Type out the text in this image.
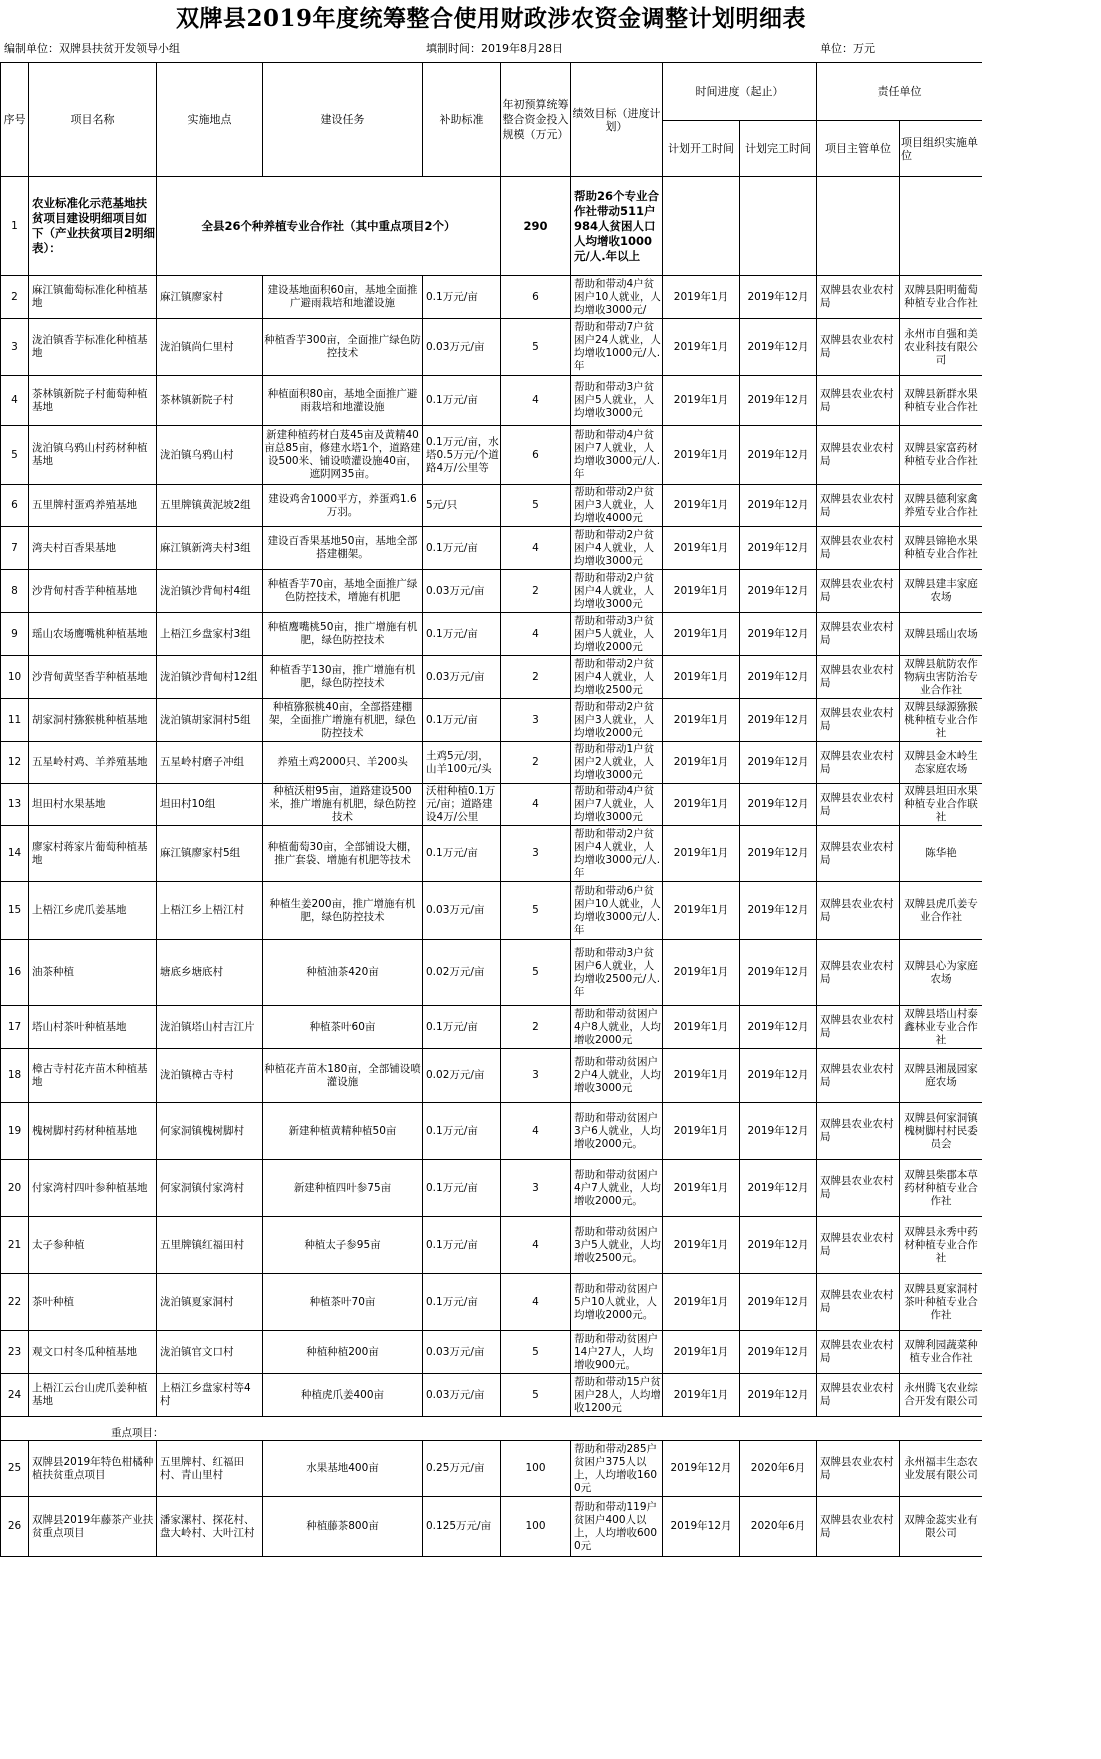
双牌县2019年度统筹整合使用财政涉农资金调整计划明细表
编制单位：双牌县扶贫开发领导小组	填制时间：2019年8月28日	单位：万元
序号	项目名称	实施地点	建设任务	补助标准	年初预算统筹整合资金投入规模（万元）	绩效目标（进度计划）	时间进度（起止）		责任单位	
							计划开工时间	计划完工时间	项目主管单位	项目组织实施单位
1	农业标准化示范基地扶贫项目建设明细项目如下（产业扶贫项目2明细表）：	全县26个种养植专业合作社（其中重点项目2个）			290	帮助26个专业合作社带动511户984人贫困人口人均增收1000元/人.年以上				
2	麻江镇葡萄标准化种植基地	麻江镇廖家村	建设基地面积60亩，基地全面推广避雨栽培和地灌设施	0.1万元/亩	6	帮助和带动4户贫困户10人就业，人均增收3000元/	2019年1月	2019年12月	双牌县农业农村局	双牌县阳明葡萄种植专业合作社
3	泷泊镇香芋标准化种植基地	泷泊镇尚仁里村	种植香芋300亩，全面推广绿色防控技术	0.03万元/亩	5	帮助和带动7户贫困户24人就业，人均增收1000元/人.年	2019年1月	2019年12月	双牌县农业农村局	永州市自强和美农业科技有限公司
4	茶林镇新院子村葡萄种植基地	茶林镇新院子村	种植面积80亩，基地全面推广避雨栽培和地灌设施	0.1万元/亩	4	帮助和带动3户贫困户5人就业，人均增收3000元	2019年1月	2019年12月	双牌县农业农村局	双牌县新群水果种植专业合作社
5	泷泊镇乌鸦山村药材种植基地	泷泊镇乌鸦山村	新建种植药材白芨45亩及黄精40亩总85亩，修建水塔1个，道路建设500米、铺设喷灌设施40亩，遮阴网35亩。	0.1万元/亩，水塔0.5万元/个道路4万/公里等	6	帮助和带动4户贫困户7人就业，人均增收3000元/人.年	2019年1月	2019年12月	双牌县农业农村局	双牌县家富药材种植专业合作社
6	五里牌村蛋鸡养殖基地	五里牌镇黄泥坡2组	建设鸡舍1000平方，养蛋鸡1.6万羽。	5元/只	5	帮助和带动2户贫困户3人就业，人均增收4000元	2019年1月	2019年12月	双牌县农业农村局	双牌县德利家禽养殖专业合作社
7	湾夫村百香果基地	麻江镇新湾夫村3组	建设百香果基地50亩，基地全部搭建棚架。	0.1万元/亩	4	帮助和带动2户贫困户4人就业，人均增收3000元	2019年1月	2019年12月	双牌县农业农村局	双牌县锦艳水果种植专业合作社
8	沙背甸村香芋种植基地	泷泊镇沙背甸村4组	种植香芋70亩，基地全面推广绿色防控技术，增施有机肥	0.03万元/亩	2	帮助和带动2户贫困户4人就业，人均增收3000元	2019年1月	2019年12月	双牌县农业农村局	双牌县建丰家庭农场
9	瑶山农场鹰嘴桃种植基地	上梧江乡盘家村3组	种植鹰嘴桃50亩，推广增施有机肥，绿色防控技术	0.1万元/亩	4	帮助和带动3户贫困户5人就业，人均增收2000元	2019年1月	2019年12月	双牌县农业农村局	双牌县瑶山农场
10	沙背甸黄坚香芋种植基地	泷泊镇沙背甸村12组	种植香芋130亩，推广增施有机肥，绿色防控技术	0.03万元/亩	2	帮助和带动2户贫困户4人就业，人均增收2500元	2019年1月	2019年12月	双牌县农业农村局	双牌县航防农作物病虫害防治专业合作社
11	胡家洞村猕猴桃种植基地	泷泊镇胡家洞村5组	种植猕猴桃40亩，全部搭建棚架，全面推广增施有机肥，绿色防控技术	0.1万元/亩	3	帮助和带动2户贫困户3人就业，人均增收2000元	2019年1月	2019年12月	双牌县农业农村局	双牌县绿源猕猴桃种植专业合作社
12	五星岭村鸡、羊养殖基地	五星岭村磨子冲组	养殖土鸡2000只、羊200头	土鸡5元/羽，山羊100元/头	2	帮助和带动1户贫困户2人就业，人均增收3000元	2019年1月	2019年12月	双牌县农业农村局	双牌县金木岭生态家庭农场
13	坦田村水果基地	坦田村10组	种植沃柑95亩，道路建设500米，推广增施有机肥，绿色防控技术	沃柑种植0.1万元/亩；道路建设4万/公里	4	帮助和带动4户贫困户7人就业，人均增收3000元	2019年1月	2019年12月	双牌县农业农村局	双牌县坦田水果种植专业合作联社
14	廖家村蒋家片葡萄种植基地	麻江镇廖家村5组	种植葡萄30亩，全部铺设大棚，推广套袋、增施有机肥等技术	0.1万元/亩	3	帮助和带动2户贫困户4人就业，人均增收3000元/人.年	2019年1月	2019年12月	双牌县农业农村局	陈华艳
15	上梧江乡虎爪姜基地	上梧江乡上梧江村	种植生姜200亩，推广增施有机肥，绿色防控技术	0.03万元/亩	5	帮助和带动6户贫困户10人就业，人均增收3000元/人.年	2019年1月	2019年12月	双牌县农业农村局	双牌县虎爪姜专业合作社
16	油茶种植	塘底乡塘底村	种植油茶420亩	0.02万元/亩	5	帮助和带动3户贫困户6人就业，人均增收2500元/人.年	2019年1月	2019年12月	双牌县农业农村局	双牌县心为家庭农场
17	塔山村茶叶种植基地	泷泊镇塔山村吉江片	种植茶叶60亩	0.1万元/亩	2	帮助和带动贫困户4户8人就业，人均增收2000元	2019年1月	2019年12月	双牌县农业农村局	双牌县塔山村泰鑫林业专业合作社
18	樟古寺村花卉苗木种植基地	泷泊镇樟古寺村	种植花卉苗木180亩，全部铺设喷灌设施	0.02万元/亩	3	帮助和带动贫困户2户4人就业，人均增收3000元	2019年1月	2019年12月	双牌县农业农村局	双牌县湘晟园家庭农场
19	槐树脚村药材种植基地	何家洞镇槐树脚村	新建种植黄精种植50亩	0.1万元/亩	4	帮助和带动贫困户3户6人就业，人均增收2000元。	2019年1月	2019年12月	双牌县农业农村局	双牌县何家洞镇槐树脚村村民委员会
20	付家湾村四叶参种植基地	何家洞镇付家湾村	新建种植四叶参75亩	0.1万元/亩	3	帮助和带动贫困户4户7人就业，人均增收2000元。	2019年1月	2019年12月	双牌县农业农村局	双牌县柴郡本草药材种植专业合作社
21	太子参种植	五里牌镇红福田村	种植太子参95亩	0.1万元/亩	4	帮助和带动贫困户3户5人就业，人均增收2500元。	2019年1月	2019年12月	双牌县农业农村局	双牌县永秀中药材种植专业合作社
22	茶叶种植	泷泊镇夏家洞村	种植茶叶70亩	0.1万元/亩	4	帮助和带动贫困户5户10人就业，人均增收2000元。	2019年1月	2019年12月	双牌县农业农村局	双牌县夏家洞村茶叶种植专业合作社
23	观文口村冬瓜种植基地	泷泊镇官文口村	种植种植200亩	0.03万元/亩	5	帮助和带动贫困户14户27人，人均增收900元。	2019年1月	2019年12月	双牌县农业农村局	双牌利园蔬菜种植专业合作社
24	上梧江云台山虎爪姜种植基地	上梧江乡盘家村等4村	种植虎爪姜400亩	0.03万元/亩	5	帮助和带动15户贫困户28人，人均增收1200元	2019年1月	2019年12月	双牌县农业农村局	永州腾飞农业综合开发有限公司

重点项目：										
25	双牌县2019年特色柑橘种植扶贫重点项目	五里牌村、红福田村、青山里村	水果基地400亩	0.25万元/亩	100	帮助和带动285户贫困户375人以上，人均增收1600元	2019年12月	2020年6月	双牌县农业农村局	永州福丰生态农业发展有限公司
26	双牌县2019年藤茶产业扶贫重点项目	潘家漯村、探花村、盘大岭村、大叶江村	种植藤茶800亩	0.125万元/亩	100	帮助和带动119户贫困户400人以上，人均增收6000元	2019年12月	2020年6月	双牌县农业农村局	双牌金蕊实业有限公司
